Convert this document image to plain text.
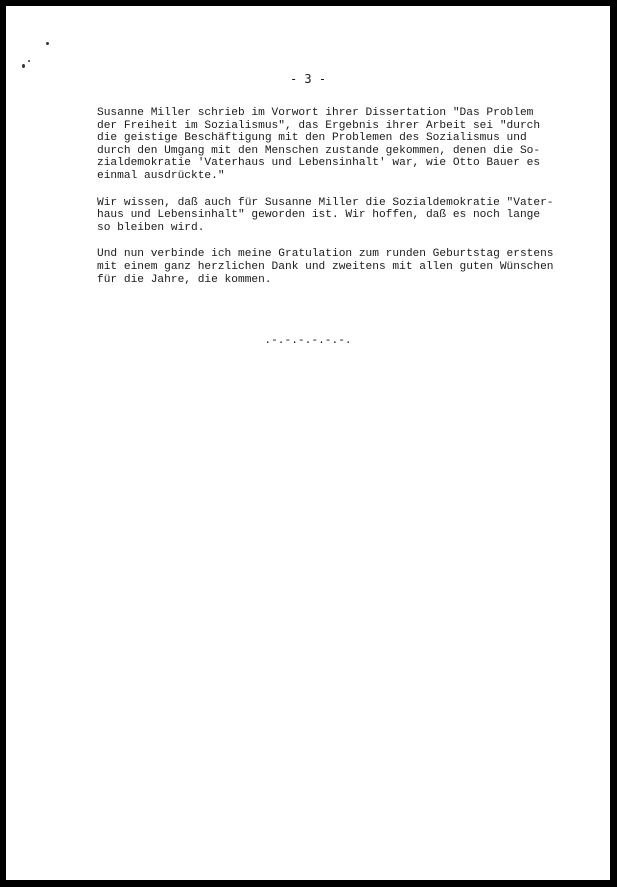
- 3 -
Susanne Miller schrieb im Vorwort ihrer Dissertation "Das Problem
der Freiheit im Sozialismus", das Ergebnis ihrer Arbeit sei "durch
die geistige Beschäftigung mit den Problemen des Sozialismus und
durch den Umgang mit den Menschen zustande gekommen, denen die So-
zialdemokratie 'Vaterhaus und Lebensinhalt' war, wie Otto Bauer es
einmal ausdrückte."
Wir wissen, daß auch für Susanne Miller die Sozialdemokratie "Vater-
haus und Lebensinhalt" geworden ist. Wir hoffen, daß es noch lange
so bleiben wird.
Und nun verbinde ich meine Gratulation zum runden Geburtstag erstens
mit einem ganz herzlichen Dank und zweitens mit allen guten Wünschen
für die Jahre, die kommen.
.-.-.-.-.-.-.
